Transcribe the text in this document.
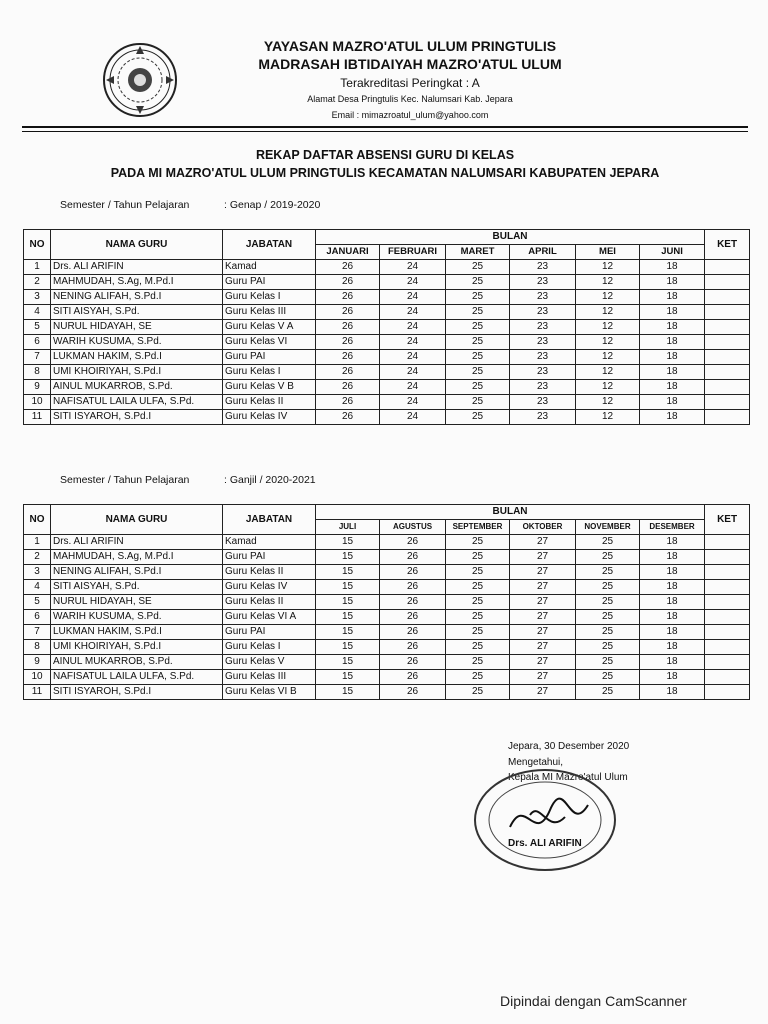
YAYASAN MAZRO'ATUL ULUM PRINGTULIS
MADRASAH IBTIDAIYAH MAZRO'ATUL ULUM
Terakreditasi Peringkat : A
Alamat Desa Pringtulis Kec. Nalumsari Kab. Jepara
Email : mimazroatul_ulum@yahoo.com
REKAP DAFTAR ABSENSI GURU DI KELAS
PADA MI MAZRO'ATUL ULUM PRINGTULIS KECAMATAN NALUMSARI KABUPATEN JEPARA
Semester / Tahun Pelajaran	: Genap / 2019-2020
NO	NAMA GURU	JABATAN	BULAN						KET
			JANUARI	FEBRUARI	MARET	APRIL	MEI	JUNI	
1	Drs. ALI ARIFIN	Kamad	26	24	25	23	12	18	
2	MAHMUDAH, S.Ag, M.Pd.I	Guru PAI	26	24	25	23	12	18	
3	NENING ALIFAH, S.Pd.I	Guru Kelas I	26	24	25	23	12	18	
4	SITI AISYAH, S.Pd.	Guru Kelas III	26	24	25	23	12	18	
5	NURUL HIDAYAH, SE	Guru Kelas V A	26	24	25	23	12	18	
6	WARIH KUSUMA, S.Pd.	Guru Kelas VI	26	24	25	23	12	18	
7	LUKMAN HAKIM, S.Pd.I	Guru PAI	26	24	25	23	12	18	
8	UMI KHOIRIYAH, S.Pd.I	Guru Kelas I	26	24	25	23	12	18	
9	AINUL MUKARROB, S.Pd.	Guru Kelas V B	26	24	25	23	12	18	
10	NAFISATUL LAILA ULFA, S.Pd.	Guru Kelas II	26	24	25	23	12	18	
11	SITI ISYAROH, S.Pd.I	Guru Kelas IV	26	24	25	23	12	18	
Semester / Tahun Pelajaran	: Ganjil / 2020-2021
NO	NAMA GURU	JABATAN	BULAN						KET
			JULI	AGUSTUS	SEPTEMBER	OKTOBER	NOVEMBER	DESEMBER	
1	Drs. ALI ARIFIN	Kamad	15	26	25	27	25	18	
2	MAHMUDAH, S.Ag, M.Pd.I	Guru PAI	15	26	25	27	25	18	
3	NENING ALIFAH, S.Pd.I	Guru Kelas II	15	26	25	27	25	18	
4	SITI AISYAH, S.Pd.	Guru Kelas IV	15	26	25	27	25	18	
5	NURUL HIDAYAH, SE	Guru Kelas II	15	26	25	27	25	18	
6	WARIH KUSUMA, S.Pd.	Guru Kelas VI A	15	26	25	27	25	18	
7	LUKMAN HAKIM, S.Pd.I	Guru PAI	15	26	25	27	25	18	
8	UMI KHOIRIYAH, S.Pd.I	Guru Kelas I	15	26	25	27	25	18	
9	AINUL MUKARROB, S.Pd.	Guru Kelas V	15	26	25	27	25	18	
10	NAFISATUL LAILA ULFA, S.Pd.	Guru Kelas III	15	26	25	27	25	18	
11	SITI ISYAROH, S.Pd.I	Guru Kelas VI B	15	26	25	27	25	18	
Jepara, 30 Desember 2020
Mengetahui,
Kepala MI Mazro'atul Ulum
Drs. ALI ARIFIN
Dipindai dengan CamScanner
